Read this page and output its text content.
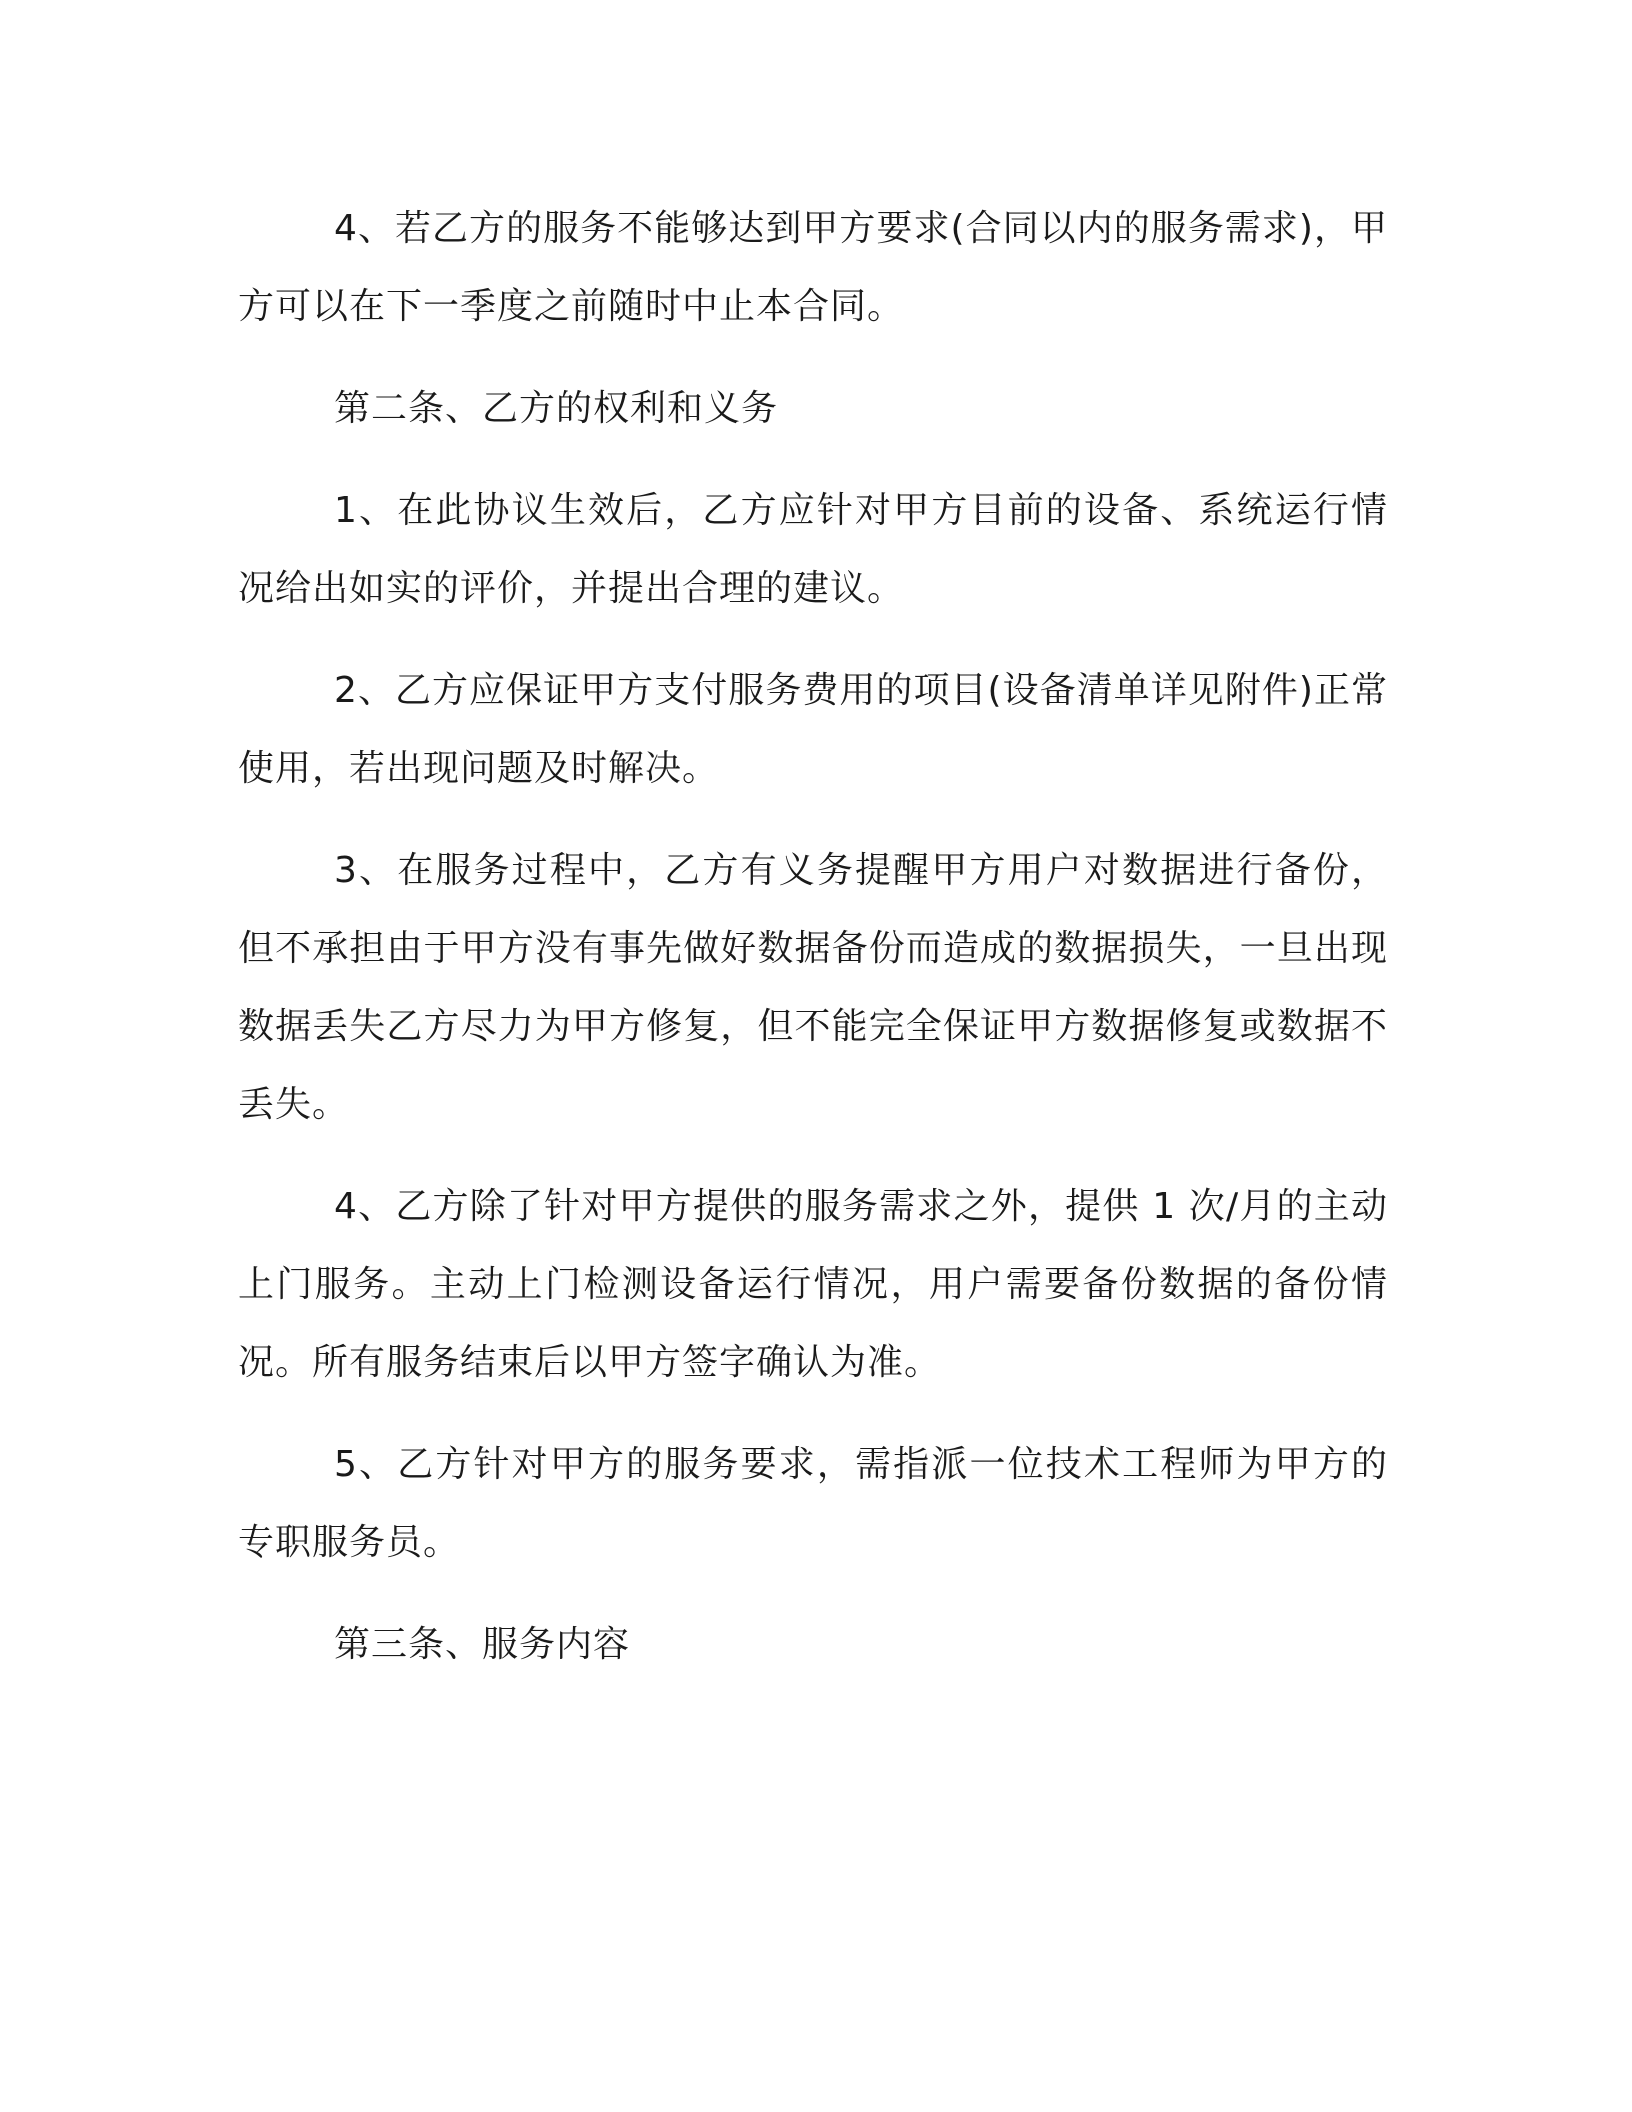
4、若乙方的服务不能够达到甲方要求(合同以内的服务需求)，甲方可以在下一季度之前随时中止本合同。

第二条、乙方的权利和义务

1、在此协议生效后，乙方应针对甲方目前的设备、系统运行情况给出如实的评价，并提出合理的建议。

2、乙方应保证甲方支付服务费用的项目(设备清单详见附件)正常使用，若出现问题及时解决。

3、在服务过程中，乙方有义务提醒甲方用户对数据进行备份，但不承担由于甲方没有事先做好数据备份而造成的数据损失，一旦出现数据丢失乙方尽力为甲方修复，但不能完全保证甲方数据修复或数据不丢失。

4、乙方除了针对甲方提供的服务需求之外，提供 1 次/月的主动上门服务。主动上门检测设备运行情况，用户需要备份数据的备份情况。所有服务结束后以甲方签字确认为准。

5、乙方针对甲方的服务要求，需指派一位技术工程师为甲方的专职服务员。

第三条、服务内容
